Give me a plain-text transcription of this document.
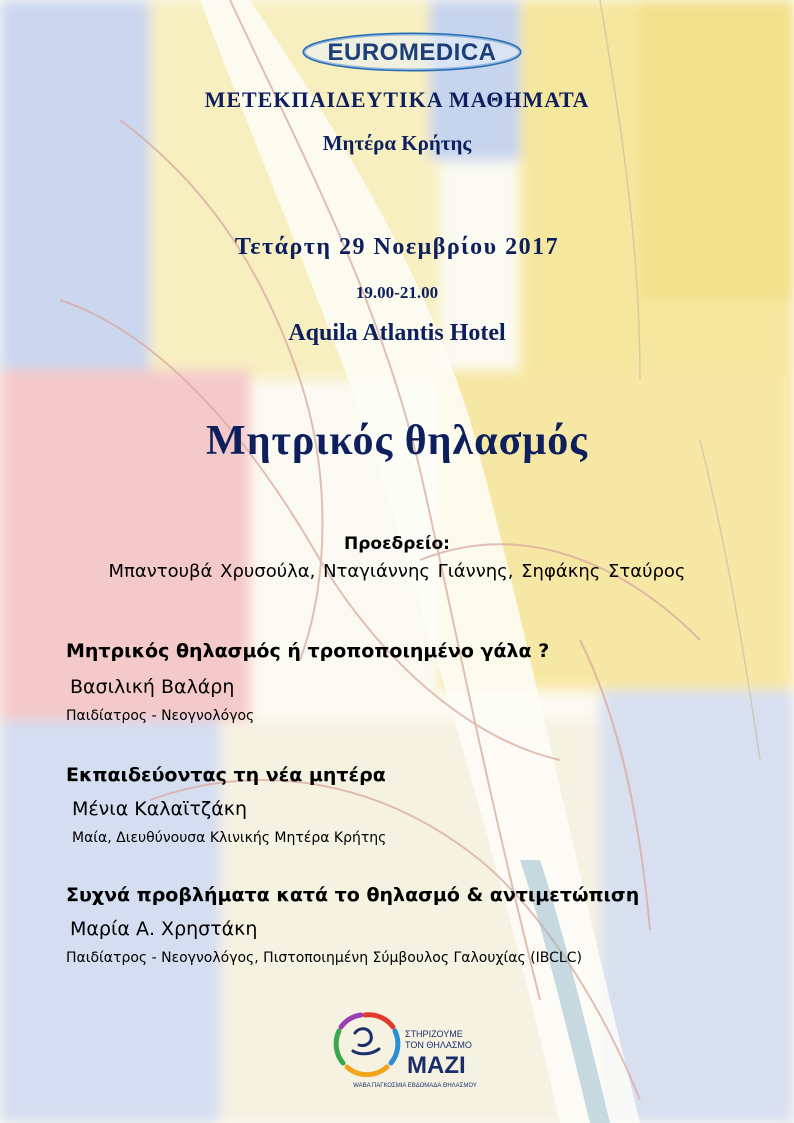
EUROMEDICA
ΜΕΤΕΚΠΑΙΔΕΥΤΙΚΑ ΜΑΘΗΜΑΤΑ
Μητέρα Κρήτης
Τετάρτη 29 Νοεμβρίου 2017
19.00-21.00
Aquila Atlantis Hotel
Μητρικός θηλασμός
Προεδρείο:
Μπαντουβά Χρυσούλα, Νταγιάννης Γιάννης, Σηφάκης Σταύρος
Μητρικός θηλασμός ή τροποποιημένο γάλα ?
Βασιλική Βαλάρη
Παιδίατρος - Νεογνολόγος
Εκπαιδεύοντας τη νέα μητέρα
Μένια Καλαϊτζάκη
Μαία, Διευθύνουσα Κλινικής Μητέρα Κρήτης
Συχνά προβλήματα κατά το θηλασμό & αντιμετώπιση
Μαρία Α. Χρηστάκη
Παιδίατρος - Νεογνολόγος, Πιστοποιημένη Σύμβουλος Γαλουχίας (IBCLC)
ΣΤΗΡΙΖΟΥΜΕ
ΤΟΝ ΘΗΛΑΣΜΟ
ΜΑΖΙ
WABA ΠΑΓΚΟΣΜΙΑ ΕΒΔΟΜΑΔΑ ΘΗΛΑΣΜΟΥ
